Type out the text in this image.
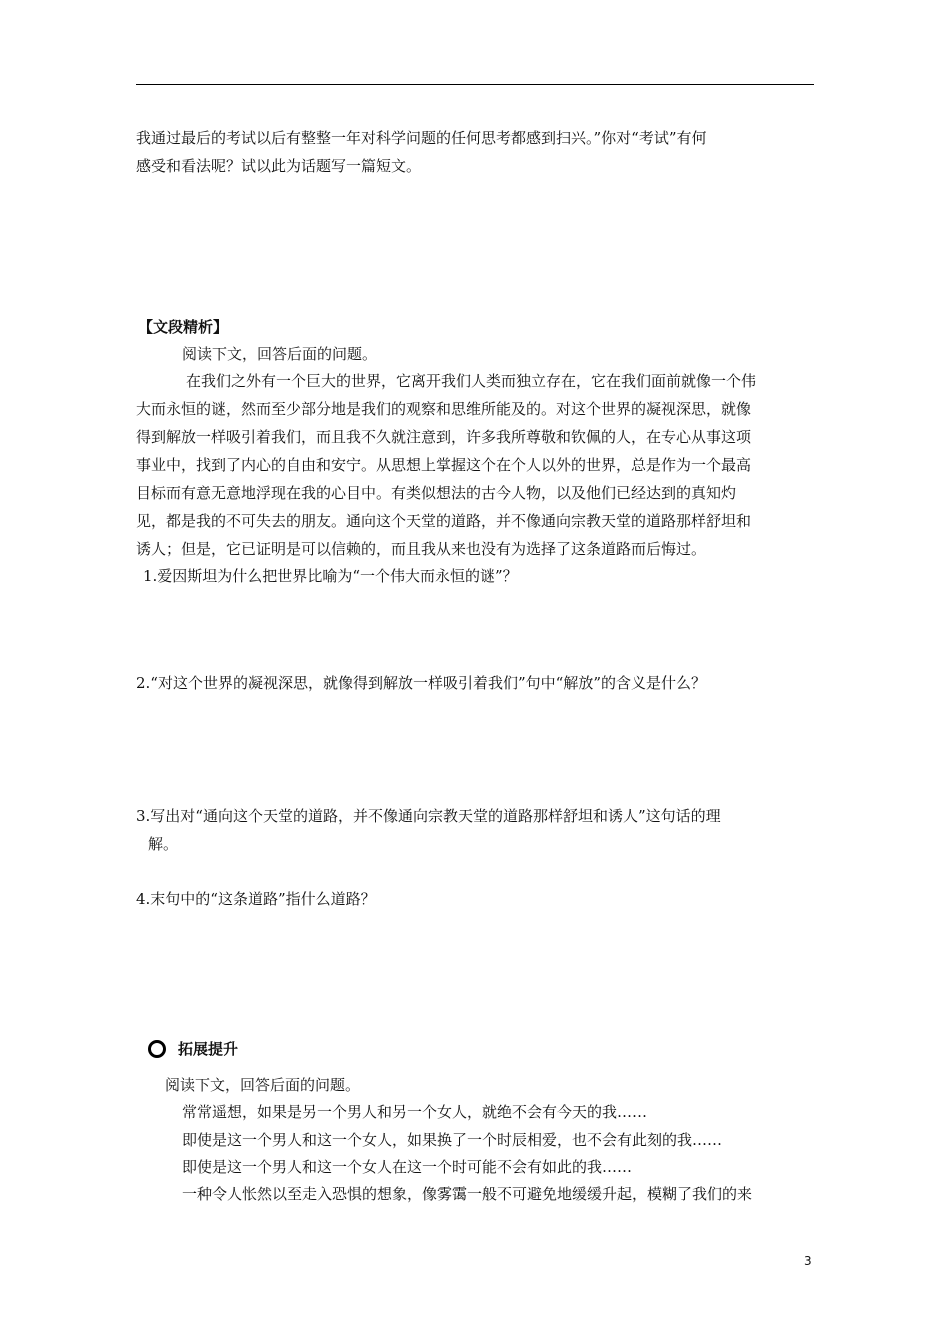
我通过最后的考试以后有整整一年对科学问题的任何思考都感到扫兴。”你对“考试”有何
感受和看法呢？试以此为话题写一篇短文。
【文段精析】
阅读下文，回答后面的问题。
在我们之外有一个巨大的世界，它离开我们人类而独立存在，它在我们面前就像一个伟
大而永恒的谜，然而至少部分地是我们的观察和思维所能及的。对这个世界的凝视深思，就像
得到解放一样吸引着我们，而且我不久就注意到，许多我所尊敬和钦佩的人，在专心从事这项
事业中，找到了内心的自由和安宁。从思想上掌握这个在个人以外的世界，总是作为一个最高
目标而有意无意地浮现在我的心目中。有类似想法的古今人物，以及他们已经达到的真知灼
见，都是我的不可失去的朋友。通向这个天堂的道路，并不像通向宗教天堂的道路那样舒坦和
诱人；但是，它已证明是可以信赖的，而且我从来也没有为选择了这条道路而后悔过。
1.爱因斯坦为什么把世界比喻为“一个伟大而永恒的谜”？
2.“对这个世界的凝视深思，就像得到解放一样吸引着我们”句中“解放”的含义是什么？
3.写出对“通向这个天堂的道路，并不像通向宗教天堂的道路那样舒坦和诱人”这句话的理
解。
4.末句中的“这条道路”指什么道路？
拓展提升
阅读下文，回答后面的问题。
常常遥想，如果是另一个男人和另一个女人，就绝不会有今天的我……
即使是这一个男人和这一个女人，如果换了一个时辰相爱，也不会有此刻的我……
即使是这一个男人和这一个女人在这一个时可能不会有如此的我……
一种令人怅然以至走入恐惧的想象，像雾霭一般不可避免地缓缓升起，模糊了我们的来
3
